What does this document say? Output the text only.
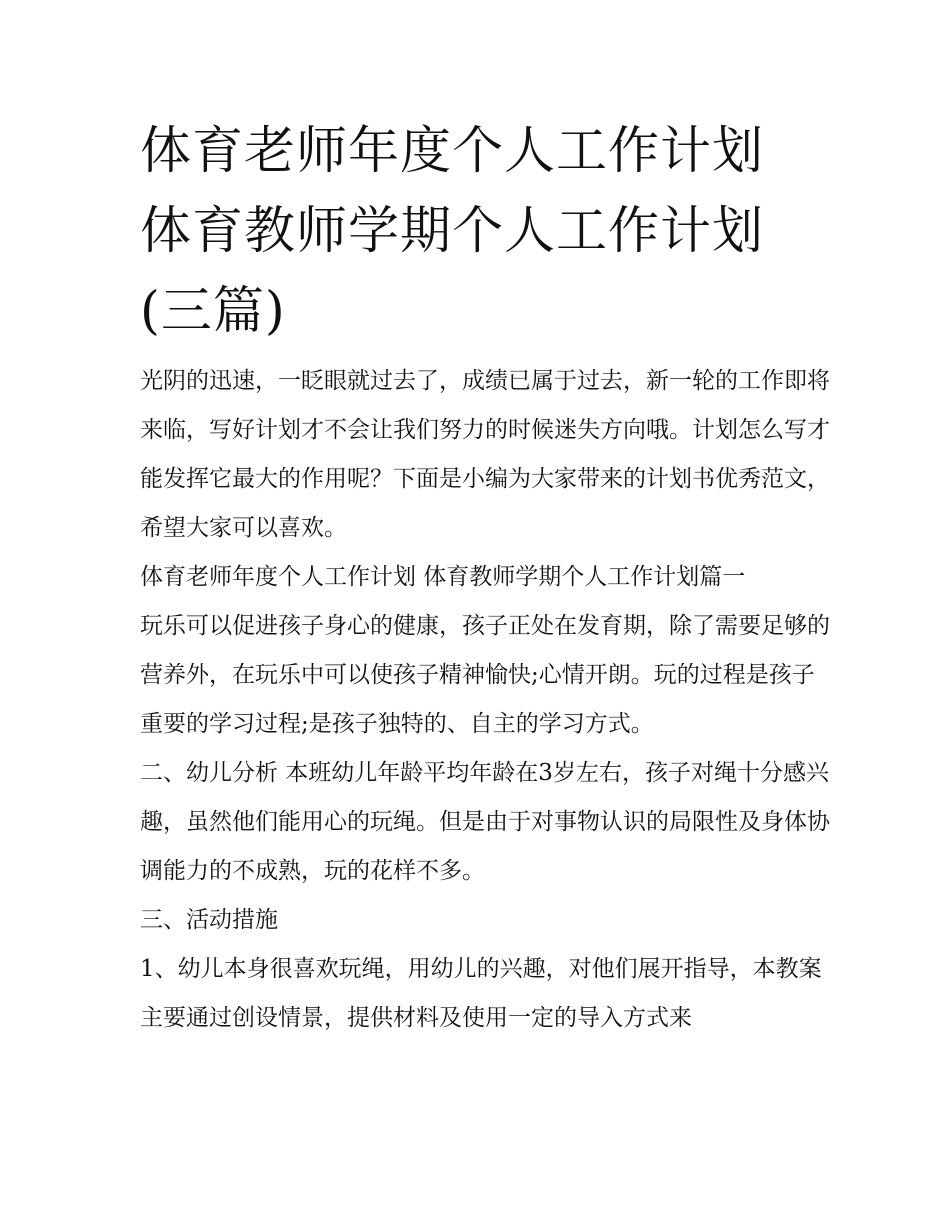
体育老师年度个人工作计划 体育教师学期个人工作计划(三篇)

光阴的迅速，一眨眼就过去了，成绩已属于过去，新一轮的工作即将来临，写好计划才不会让我们努力的时候迷失方向哦。计划怎么写才能发挥它最大的作用呢？下面是小编为大家带来的计划书优秀范文，希望大家可以喜欢。

体育老师年度个人工作计划 体育教师学期个人工作计划篇一

玩乐可以促进孩子身心的健康，孩子正处在发育期，除了需要足够的营养外，在玩乐中可以使孩子精神愉快;心情开朗。玩的过程是孩子重要的学习过程;是孩子独特的、自主的学习方式。

二、幼儿分析 本班幼儿年龄平均年龄在3岁左右，孩子对绳十分感兴趣，虽然他们能用心的玩绳。但是由于对事物认识的局限性及身体协调能力的不成熟，玩的花样不多。

三、活动措施

1、幼儿本身很喜欢玩绳，用幼儿的兴趣，对他们展开指导，本教案主要通过创设情景，提供材料及使用一定的导入方式来
